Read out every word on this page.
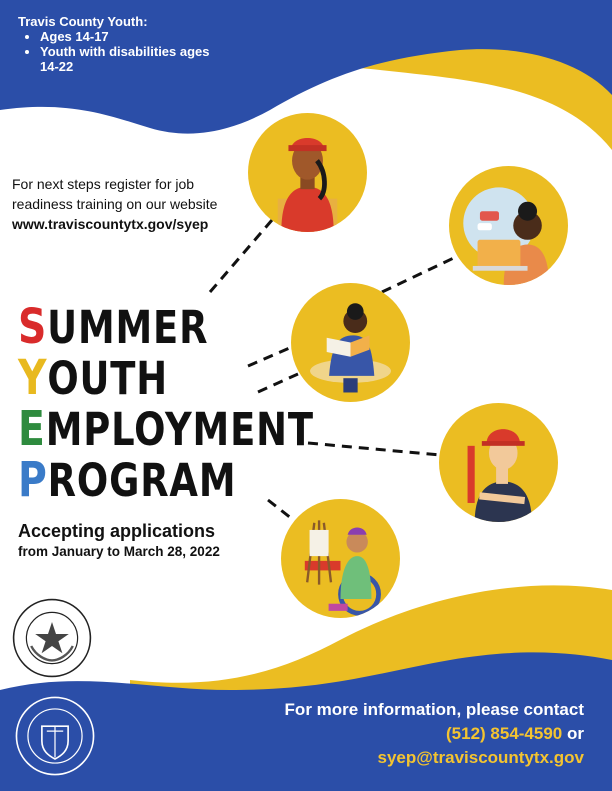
Travis County Youth:
• Ages 14-17
• Youth with disabilities ages 14-22
For next steps register for job readiness training on our website
www.traviscountytx.gov/syep
SUMMER
YOUTH
EMPLOYMENT
PROGRAM
Accepting applications
from January to March 28, 2022
For more information, please contact
(512) 854-4590 or
syep@traviscountytx.gov
